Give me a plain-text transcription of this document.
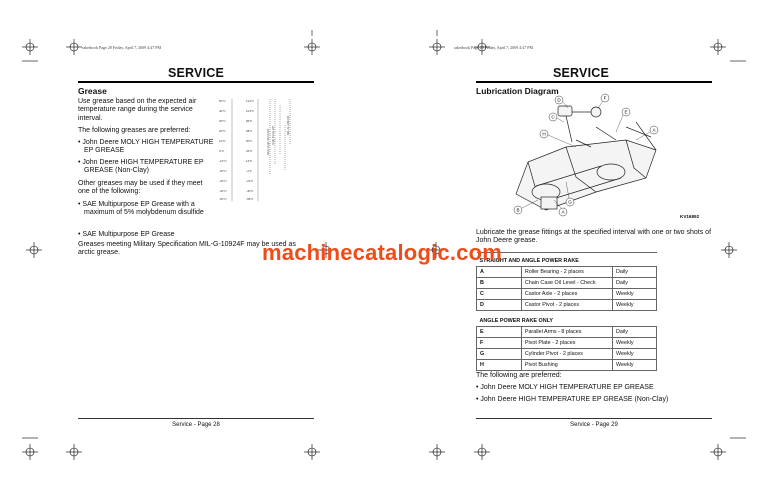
raketbook Page 28 Friday, April 7, 2009 4:47 PM
SERVICE
Grease
Use grease based on the expected air temperature range during the service interval.
The following greases are preferred:
• John Deere MOLY HIGH TEMPERATURE EP GREASE
• John Deere HIGH TEMPERATURE EP GREASE (Non-Clay)
Other greases may be used if they meet one of the following:
• SAE Multipurpose EP Grease with a maximum of 5% molybdenum disulfide
• SAE Multipurpose EP Grease
Greases meeting Military Specification MIL-G-10924F may be used as arctic grease.
50°C
40°C
30°C
20°C
10°C
0°C
-10°C
-20°C
-30°C
-40°C
-50°C
122°F
104°F
86°F
68°F
50°F
32°F
14°F
-4°F
-22°F
-40°F
-58°F
Moly High Temp EP High Temp EP
MIL-G-10924F
Service - Page 28
raketbook Page 29 Friday, April 7, 2009 4:47 PM
SERVICE
Lubrication Diagram
D	F
C
E
H
A
G
B	A
KV16892
Lubricate the grease fittings at the specified interval with one or two shots of John Deere grease.
STRAIGHT AND ANGLE POWER RAKE		
A	Roller Bearing - 2 places	Daily
B	Chain Case Oil Level - Check	Daily
C	Castor Axle - 2 places	Weekly
D	Castor Pivot - 2 places	Weekly
ANGLE POWER RAKE ONLY		
E	Parallel Arms - 8 places	Daily
F	Pivot Plate - 2 places	Weekly
G	Cylinder Pivot - 2 places	Weekly
H	Pivot Bushing	Weekly
The following are preferred:
• John Deere MOLY HIGH TEMPERATURE EP GREASE
• John Deere HIGH TEMPERATURE EP GREASE (Non-Clay)
Service - Page 29
machinecatalogic.com
